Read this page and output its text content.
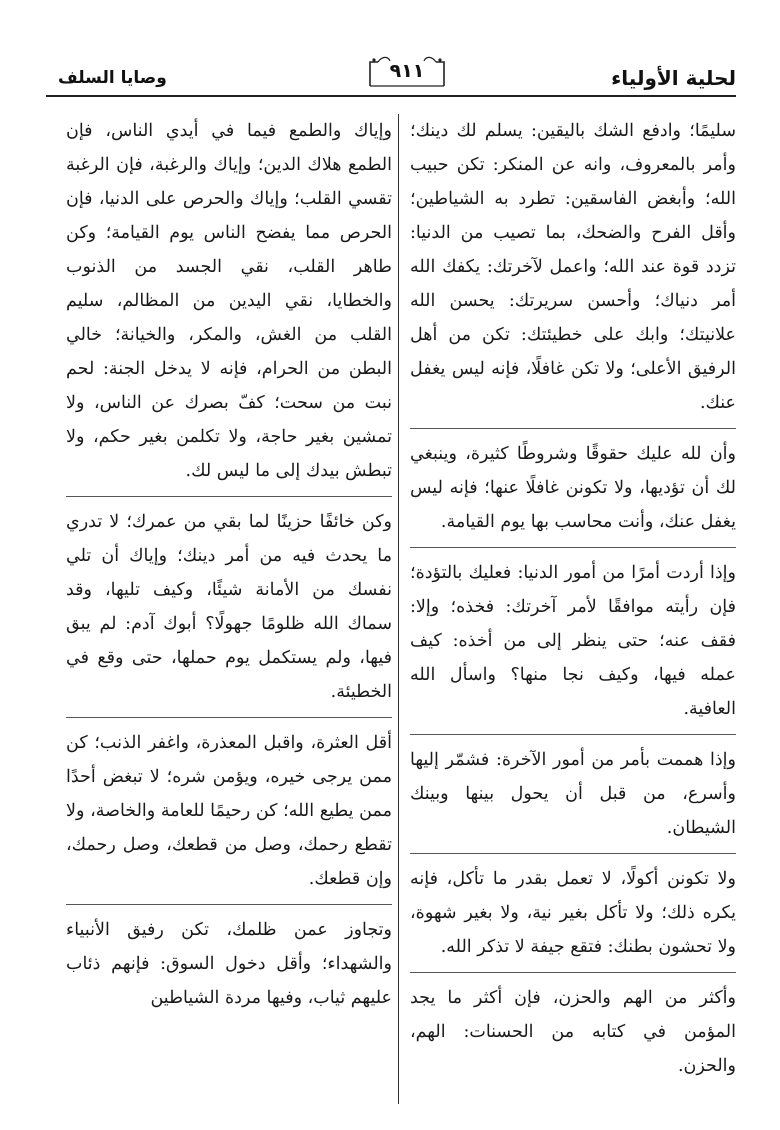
لحلية الأولياء
٩١١
وصايا السلف

سليمًا؛ وادفع الشك باليقين: يسلم لك دينك؛ وأمر بالمعروف، وانه عن المنكر: تكن حبيب الله؛ وأبغض الفاسقين: تطرد به الشياطين؛ وأقل الفرح والضحك، بما تصيب من الدنيا: تزدد قوة عند الله؛ واعمل لآخرتك: يكفك الله أمر دنياك؛ وأحسن سريرتك: يحسن الله علانيتك؛ وابك على خطيئتك: تكن من أهل الرفيق الأعلى؛ ولا تكن غافلًا، فإنه ليس يغفل عنك.

وأن لله عليك حقوقًا وشروطًا كثيرة، وينبغي لك أن تؤديها، ولا تكونن غافلًا عنها؛ فإنه ليس يغفل عنك، وأنت محاسب بها يوم القيامة.

وإذا أردت أمرًا من أمور الدنيا: فعليك بالتؤدة؛ فإن رأيته موافقًا لأمر آخرتك: فخذه؛ وإلا: فقف عنه؛ حتى ينظر إلى من أخذه: كيف عمله فيها، وكيف نجا منها؟ واسأل الله العافية.

وإذا هممت بأمر من أمور الآخرة: فشمّر إليها وأسرع، من قبل أن يحول بينها وبينك الشيطان.

ولا تكونن أكولًا، لا تعمل بقدر ما تأكل، فإنه يكره ذلك؛ ولا تأكل بغير نية، ولا بغير شهوة، ولا تحشون بطنك: فتقع جيفة لا تذكر الله.

وأكثر من الهم والحزن، فإن أكثر ما يجد المؤمن في كتابه من الحسنات: الهم، والحزن.

وإياك والطمع فيما في أيدي الناس، فإن الطمع هلاك الدين؛ وإياك والرغبة، فإن الرغبة تقسي القلب؛ وإياك والحرص على الدنيا، فإن الحرص مما يفضح الناس يوم القيامة؛ وكن طاهر القلب، نقي الجسد من الذنوب والخطايا، نقي اليدين من المظالم، سليم القلب من الغش، والمكر، والخيانة؛ خالي البطن من الحرام، فإنه لا يدخل الجنة: لحم نبت من سحت؛ كفّ بصرك عن الناس، ولا تمشين بغير حاجة، ولا تكلمن بغير حكم، ولا تبطش بيدك إلى ما ليس لك.

وكن خائفًا حزينًا لما بقي من عمرك؛ لا تدري ما يحدث فيه من أمر دينك؛ وإياك أن تلي نفسك من الأمانة شيئًا، وكيف تليها، وقد سماك الله ظلومًا جهولًا؟ أبوك آدم: لم يبق فيها، ولم يستكمل يوم حملها، حتى وقع في الخطيئة.

أقل العثرة، واقبل المعذرة، واغفر الذنب؛ كن ممن يرجى خيره، ويؤمن شره؛ لا تبغض أحدًا ممن يطيع الله؛ كن رحيمًا للعامة والخاصة، ولا تقطع رحمك، وصل من قطعك، وصل رحمك، وإن قطعك.

وتجاوز عمن ظلمك، تكن رفيق الأنبياء والشهداء؛ وأقل دخول السوق: فإنهم ذئاب عليهم ثياب، وفيها مردة الشياطين
